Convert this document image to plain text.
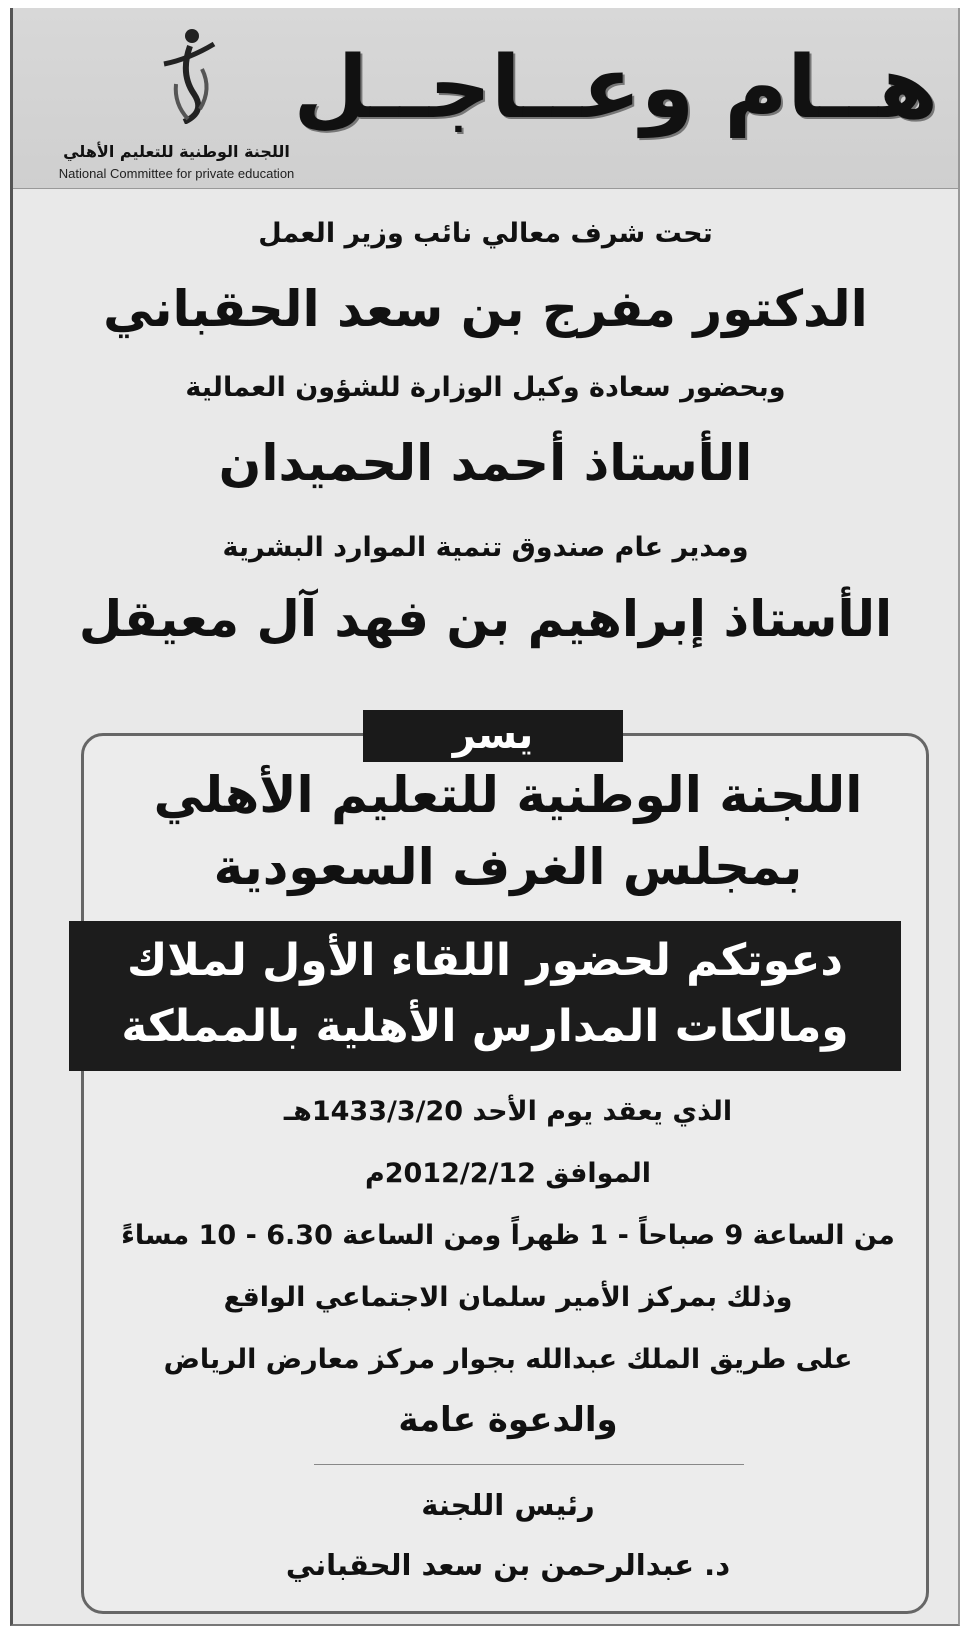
اللجنة الوطنية للتعليم الأهلي
National Committee for private education
هــام وعــاجــل
تحت شرف معالي نائب وزير العمل
الدكتور مفرج بن سعد الحقباني
وبحضور سعادة وكيل الوزارة للشؤون العمالية
الأستاذ أحمد الحميدان
ومدير عام صندوق تنمية الموارد البشرية
الأستاذ إبراهيم بن فهد آل معيقل
يسر
اللجنة الوطنية للتعليم الأهلي
بمجلس الغرف السعودية
دعوتكم لحضور اللقاء الأول لملاك
ومالكات المدارس الأهلية بالمملكة
الذي يعقد يوم الأحد 1433/3/20هـ
الموافق 2012/2/12م
من الساعة 9 صباحاً - 1 ظهراً ومن الساعة 6.30 - 10 مساءً
وذلك بمركز الأمير سلمان الاجتماعي الواقع
على طريق الملك عبدالله بجوار مركز معارض الرياض
والدعوة عامة
رئيس اللجنة
د. عبدالرحمن بن سعد الحقباني
